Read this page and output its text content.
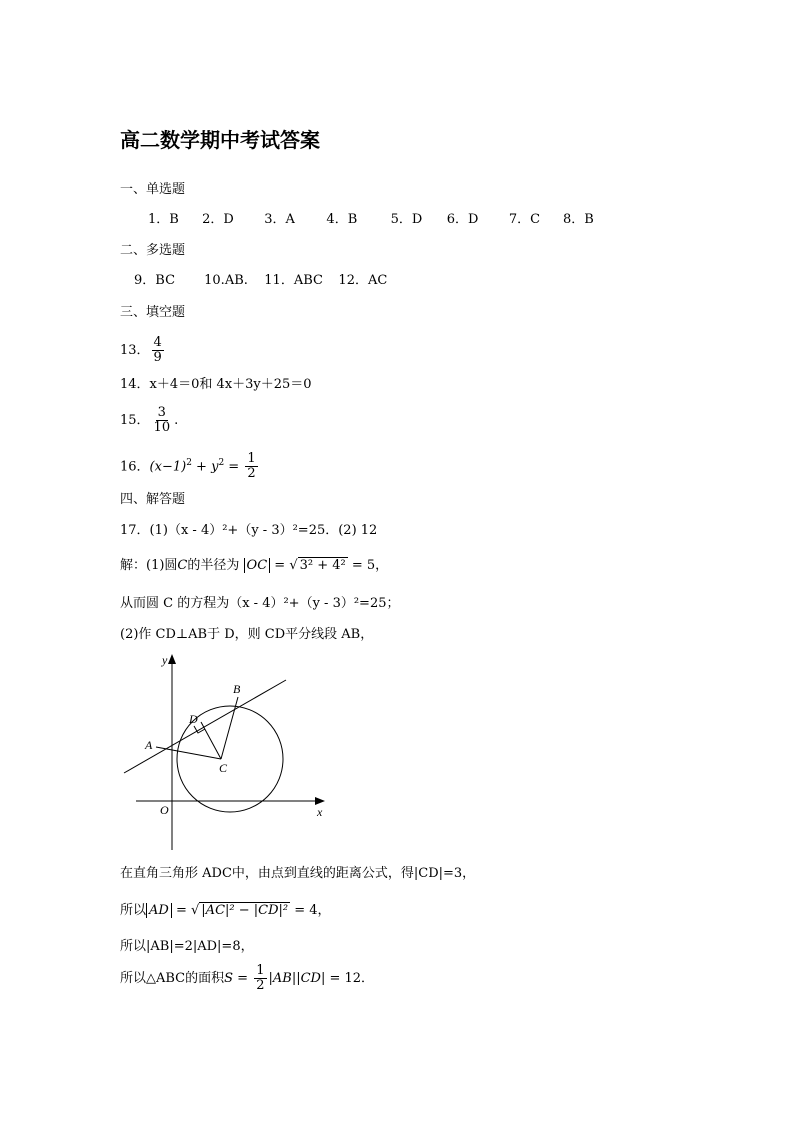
高二数学期中考试答案
一、单选题
1．B 2．D 3．A 4．B	5．D 6．D 7．C 8．B
二、多选题
9．BC 10.AB. 11．ABC 12．AC
三、填空题
13． $\frac{4}{9}$
14．x＋4＝0和 4x＋3y＋25＝0
15． $\frac{3}{10}$ .
16．$(x-1)^2 + y^2 = \frac{1}{2}$
四、解答题
17．(1)（x - 4）²+（y - 3）²=25．(2) 12
解：(1)圆C的半径为 OC = √ 3² + 4² = 5，
从而圆 C 的方程为（x - 4）²+（y - 3）²=25；
(2)作 CD⊥AB于 D，则 CD平分线段 AB，
y
x
O
A
B
C
D
在直角三角形 ADC中，由点到直线的距离公式，得|CD|=3，
所以 AD = √ |AC|² − |CD|² = 4，
所以|AB|=2|AD|=8，
所以△ABC的面积$S = \frac{1}{2} |AB||CD| = 12$．
